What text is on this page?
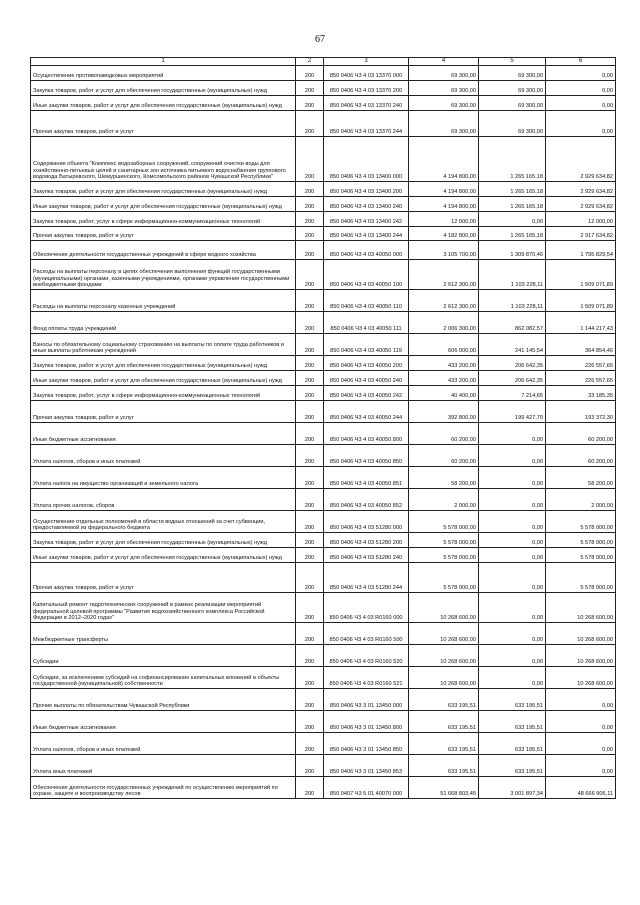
67
1	2	3	4	5	6
Осуществление противопаводковых мероприятий	200	850 0406 Ч3 4 03 13370 000	69 300,00	69 300,00	0,00
Закупка товаров, работ и услуг для обеспечения государственных (муниципальных) нужд	200	850 0406 Ч3 4 03 13370 200	69 300,00	69 300,00	0,00
Иные закупки товаров, работ и услуг для обеспечения государственных (муниципальных) нужд	200	850 0406 Ч3 4 03 13370 240	69 300,00	69 300,00	0,00
Прочая закупка товаров, работ и услуг	200	850 0406 Ч3 4 03 13370 244	69 300,00	69 300,00	0,00
Содержание объекта "Комплекс водозаборных сооружений, сооружений очистки воды для хозяйственно-питьевых целей и санитарных зон источника питьевого водоснабжения группового водовода Батыревского, Шемуршинского, Комсомольского районов Чувашской Республики"	200	850 0406 Ч3 4 03 13400 000	4 194 800,00	1 265 165,18	2 929 634,82
Закупка товаров, работ и услуг для обеспечения государственных (муниципальных) нужд	200	850 0406 Ч3 4 03 13400 200	4 194 800,00	1 265 165,18	2 929 634,82
Иные закупки товаров, работ и услуг для обеспечения государственных (муниципальных) нужд	200	850 0406 Ч3 4 03 13400 240	4 194 800,00	1 265 165,18	2 929 634,82
Закупка товаров, работ, услуг в сфере информационно-коммуникационных технологий	200	850 0406 Ч3 4 03 13400 242	12 000,00	0,00	12 000,00
Прочая закупка товаров, работ и услуг	200	850 0406 Ч3 4 03 13400 244	4 182 800,00	1 265 165,18	2 917 634,82
Обеспечение деятельности государственных учреждений в сфере водного хозяйства	200	850 0406 Ч3 4 03 40050 000	3 105 700,00	1 309 870,46	1 795 829,54
Расходы на выплаты персоналу в целях обеспечения выполнения функций государственными (муниципальными) органами, казенными учреждениями, органами управления государственными внебюджетными фондами	200	850 0406 Ч3 4 03 40050 100	2 612 300,00	1 103 228,11	1 509 071,89
Расходы на выплаты персоналу казенных учреждений	200	850 0406 Ч3 4 03 40050 110	2 612 300,00	1 103 228,11	1 509 071,89
Фонд оплаты труда учреждений	200	850 0406 Ч3 4 03 40050 111	2 006 300,00	862 082,57	1 144 217,43
Взносы по обязательному социальному страхованию на выплаты по оплате труда работников и иные выплаты работникам учреждений	200	850 0406 Ч3 4 03 40050 119	606 000,00	241 145,54	364 854,46
Закупка товаров, работ и услуг для обеспечения государственных (муниципальных) нужд	200	850 0406 Ч3 4 03 40050 200	433 200,00	206 642,35	226 557,65
Иные закупки товаров, работ и услуг для обеспечения государственных (муниципальных) нужд	200	850 0406 Ч3 4 03 40050 240	433 200,00	206 642,35	226 557,65
Закупка товаров, работ, услуг в сфере информационно-коммуникационных технологий	200	850 0406 Ч3 4 03 40050 242	40 400,00	7 214,65	33 185,35
Прочая закупка товаров, работ и услуг	200	850 0406 Ч3 4 03 40050 244	392 800,00	199 427,70	193 372,30
Иные бюджетные ассигнования	200	850 0406 Ч3 4 03 40050 800	60 200,00	0,00	60 200,00
Уплата налогов, сборов и иных платежей	200	850 0406 Ч3 4 03 40050 850	60 200,00	0,00	60 200,00
Уплата налога на имущество организаций и земельного налога	200	850 0406 Ч3 4 03 40050 851	58 200,00	0,00	58 200,00
Уплата прочих налогов, сборов	200	850 0406 Ч3 4 03 40050 852	2 000,00	0,00	2 000,00
Осуществление отдельных полномочий в области водных отношений за счет субвенции, предоставляемой из федерального бюджета	200	850 0406 Ч3 4 03 51280 000	5 578 000,00	0,00	5 578 000,00
Закупка товаров, работ и услуг для обеспечения государственных (муниципальных) нужд	200	850 0406 Ч3 4 03 51280 200	5 578 000,00	0,00	5 578 000,00
Иные закупки товаров, работ и услуг для обеспечения государственных (муниципальных) нужд	200	850 0406 Ч3 4 03 51280 240	5 578 000,00	0,00	5 578 000,00
Прочая закупка товаров, работ и услуг	200	850 0406 Ч3 4 03 51280 244	5 578 000,00	0,00	5 578 000,00
Капитальный ремонт гидротехнических сооружений в рамках реализации мероприятий федеральной целевой программы "Развитие водохозяйственного комплекса Российской Федерации в 2012–2020 годах"	200	850 0406 Ч3 4 03 R0160 000	10 268 600,00	0,00	10 268 600,00
Межбюджетные трансферты	200	850 0406 Ч3 4 03 R0160 500	10 268 600,00	0,00	10 268 600,00
Субсидии	200	850 0406 Ч3 4 03 R0160 520	10 268 600,00	0,00	10 268 600,00
Субсидии, за исключением субсидий на софинансирование капитальных вложений в объекты государственной (муниципальной) собственности	200	850 0406 Ч3 4 03 R0160 521	10 268 600,00	0,00	10 268 600,00
Прочие выплаты по обязательствам Чувашской Республики	200	850 0406 Ч3 3 01 13450 000	633 195,51	633 195,51	0,00
Иные бюджетные ассигнования	200	850 0406 Ч3 3 01 13450 800	633 195,51	633 195,51	0,00
Уплата налогов, сборов и иных платежей	200	850 0406 Ч3 3 01 13450 850	633 195,51	633 195,51	0,00
Уплата иных платежей	200	850 0406 Ч3 3 01 13450 853	633 195,51	633 195,51	0,00
Обеспечение деятельности государственных учреждений по осуществлению мероприятий по охране, защите и воспроизводству лесов	200	850 0407 Ч3 5 01 40070 000	51 668 803,45	3 001 897,34	48 666 906,11
